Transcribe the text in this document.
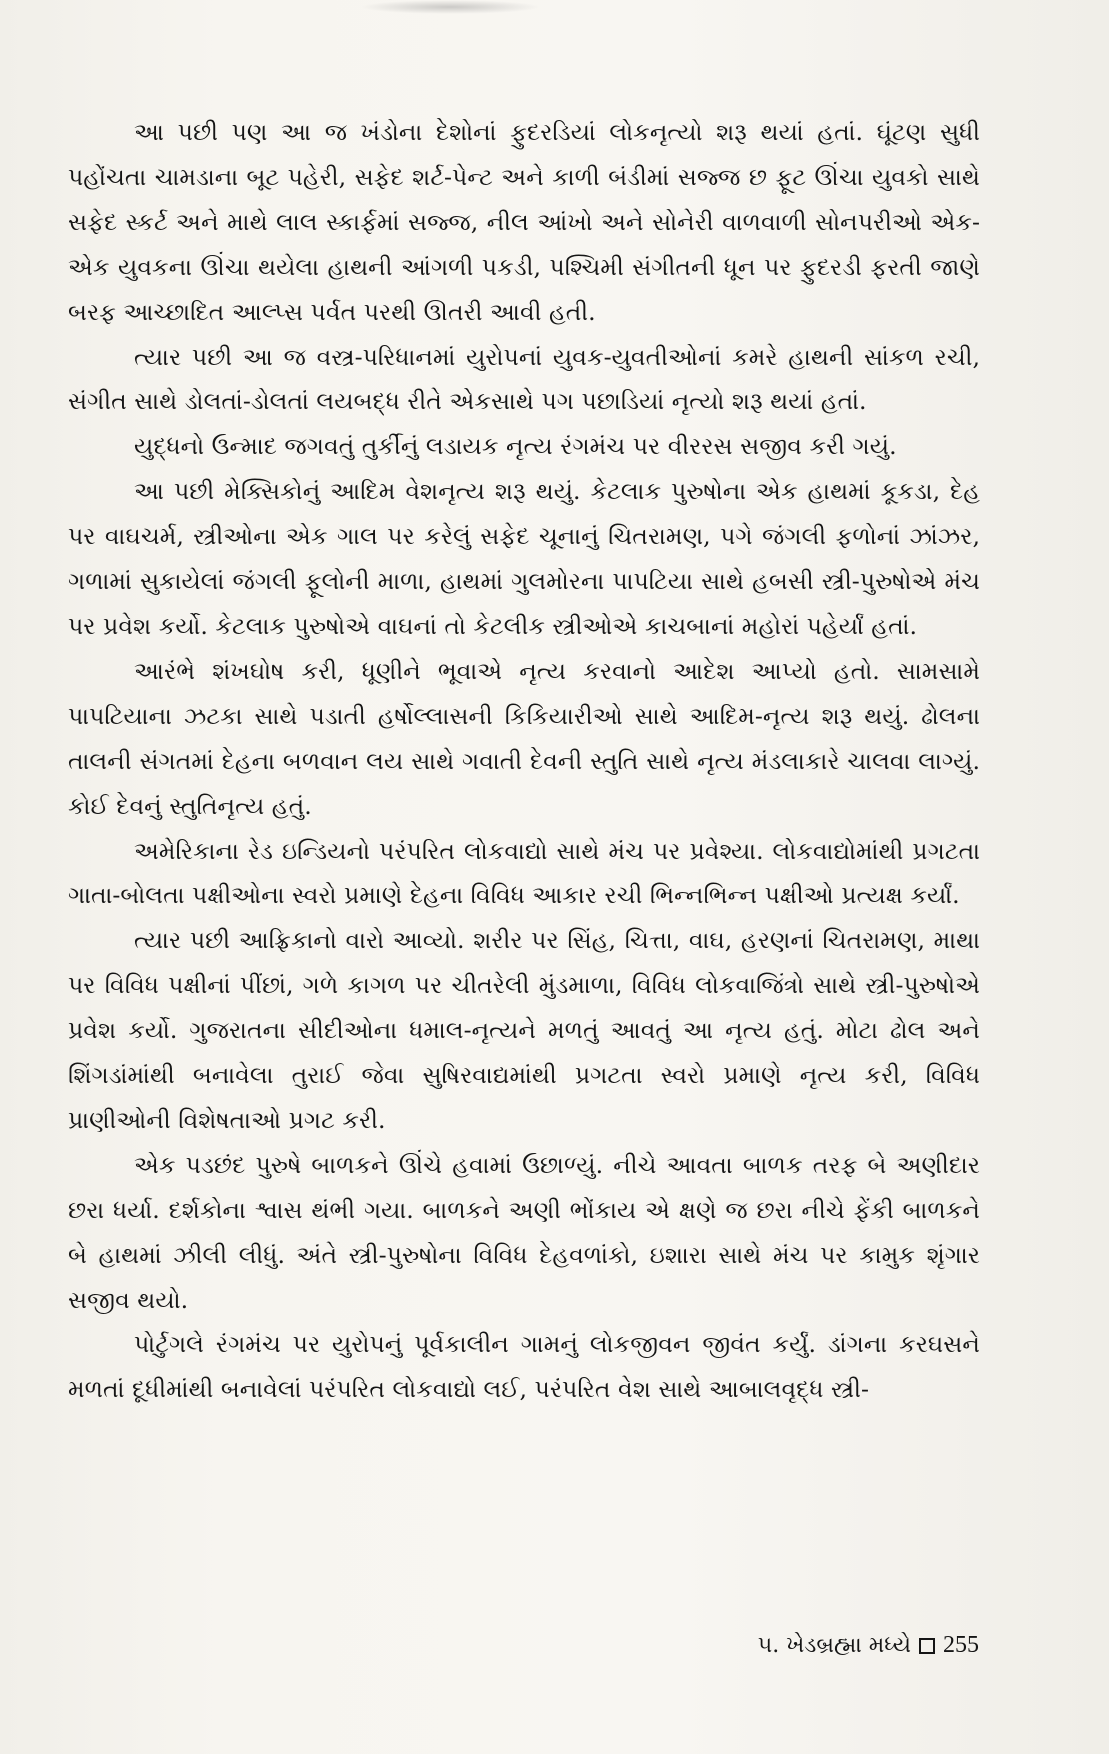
આ પછી પણ આ જ ખંડોના દેશોનાં ફુદરડિયાં લોકનૃત્યો શરૂ થયાં હતાં. ઘૂંટણ સુધી પહોંચતા ચામડાના બૂટ પહેરી, સફેદ શર્ટ-પેન્ટ અને કાળી બંડીમાં સજ્જ છ ફૂટ ઊંચા યુવકો સાથે સફેદ સ્કર્ટ અને માથે લાલ સ્કાર્ફમાં સજ્જ, નીલ આંખો અને સોનેરી વાળવાળી સોનપરીઓ એક-એક યુવકના ઊંચા થયેલા હાથની આંગળી પકડી, પશ્ચિમી સંગીતની ધૂન પર ફુદરડી ફરતી જાણે બરફ આચ્છાદિત આલ્પ્સ પર્વત પરથી ઊતરી આવી હતી.

ત્યાર પછી આ જ વસ્ત્ર-પરિધાનમાં યુરોપનાં યુવક-યુવતીઓનાં કમરે હાથની સાંકળ રચી, સંગીત સાથે ડોલતાં-ડોલતાં લયબદ્ધ રીતે એકસાથે પગ પછાડિયાં નૃત્યો શરૂ થયાં હતાં.

યુદ્ધનો ઉન્માદ જગવતું તુર્કીનું લડાયક નૃત્ય રંગમંચ પર વીરરસ સજીવ કરી ગયું.

આ પછી મેક્સિકોનું આદિમ વેશનૃત્ય શરૂ થયું. કેટલાક પુરુષોના એક હાથમાં કૂકડા, દેહ પર વાઘચર્મ, સ્ત્રીઓના એક ગાલ પર કરેલું સફેદ ચૂનાનું ચિતરામણ, પગે જંગલી ફળોનાં ઝાંઝર, ગળામાં સુકાયેલાં જંગલી ફૂલોની માળા, હાથમાં ગુલમોરના પાપટિયા સાથે હબસી સ્ત્રી-પુરુષોએ મંચ પર પ્રવેશ કર્યો. કેટલાક પુરુષોએ વાઘનાં તો કેટલીક સ્ત્રીઓએ કાચબાનાં મહોરાં પહેર્યાં હતાં.

આરંભે શંખઘોષ કરી, ધૂણીને ભૂવાએ નૃત્ય કરવાનો આદેશ આપ્યો હતો. સામસામે પાપટિયાના ઝટકા સાથે પડાતી હર્ષોલ્લાસની કિકિયારીઓ સાથે આદિમ-નૃત્ય શરૂ થયું. ઢોલના તાલની સંગતમાં દેહના બળવાન લય સાથે ગવાતી દેવની સ્તુતિ સાથે નૃત્ય મંડલાકારે ચાલવા લાગ્યું. કોઈ દેવનું સ્તુતિનૃત્ય હતું.

અમેરિકાના રેડ ઇન્ડિયનો પરંપરિત લોકવાદ્યો સાથે મંચ પર પ્રવેશ્યા. લોકવાદ્યોમાંથી પ્રગટતા ગાતા-બોલતા પક્ષીઓના સ્વરો પ્રમાણે દેહના વિવિધ આકાર રચી ભિન્નભિન્ન પક્ષીઓ પ્રત્યક્ષ કર્યાં.

ત્યાર પછી આફ્રિકાનો વારો આવ્યો. શરીર પર સિંહ, ચિત્તા, વાઘ, હરણનાં ચિતરામણ, માથા પર વિવિધ પક્ષીનાં પીંછાં, ગળે કાગળ પર ચીતરેલી મુંડમાળા, વિવિધ લોકવાજિંત્રો સાથે સ્ત્રી-પુરુષોએ પ્રવેશ કર્યો. ગુજરાતના સીદીઓના ધમાલ-નૃત્યને મળતું આવતું આ નૃત્ય હતું. મોટા ઢોલ અને શિંગડાંમાંથી બનાવેલા તુરાઈ જેવા સુષિરવાદ્યમાંથી પ્રગટતા સ્વરો પ્રમાણે નૃત્ય કરી, વિવિધ પ્રાણીઓની વિશેષતાઓ પ્રગટ કરી.

એક પડછંદ પુરુષે બાળકને ઊંચે હવામાં ઉછાળ્યું. નીચે આવતા બાળક તરફ બે અણીદાર છરા ધર્યા. દર્શકોના શ્વાસ થંભી ગયા. બાળકને અણી ભોંકાય એ ક્ષણે જ છરા નીચે ફેંકી બાળકને બે હાથમાં ઝીલી લીધું. અંતે સ્ત્રી-પુરુષોના વિવિધ દેહવળાંકો, ઇશારા સાથે મંચ પર કામુક શૃંગાર સજીવ થયો.

પોર્ટુગલે રંગમંચ પર યુરોપનું પૂર્વકાલીન ગામનું લોકજીવન જીવંત કર્યું. ડાંગના કરઘસને મળતાં દૂધીમાંથી બનાવેલાં પરંપરિત લોકવાદ્યો લઈ, પરંપરિત વેશ સાથે આબાલવૃદ્ધ સ્ત્રી-

૫. ખેડબ્રહ્મા મધ્યે 255
